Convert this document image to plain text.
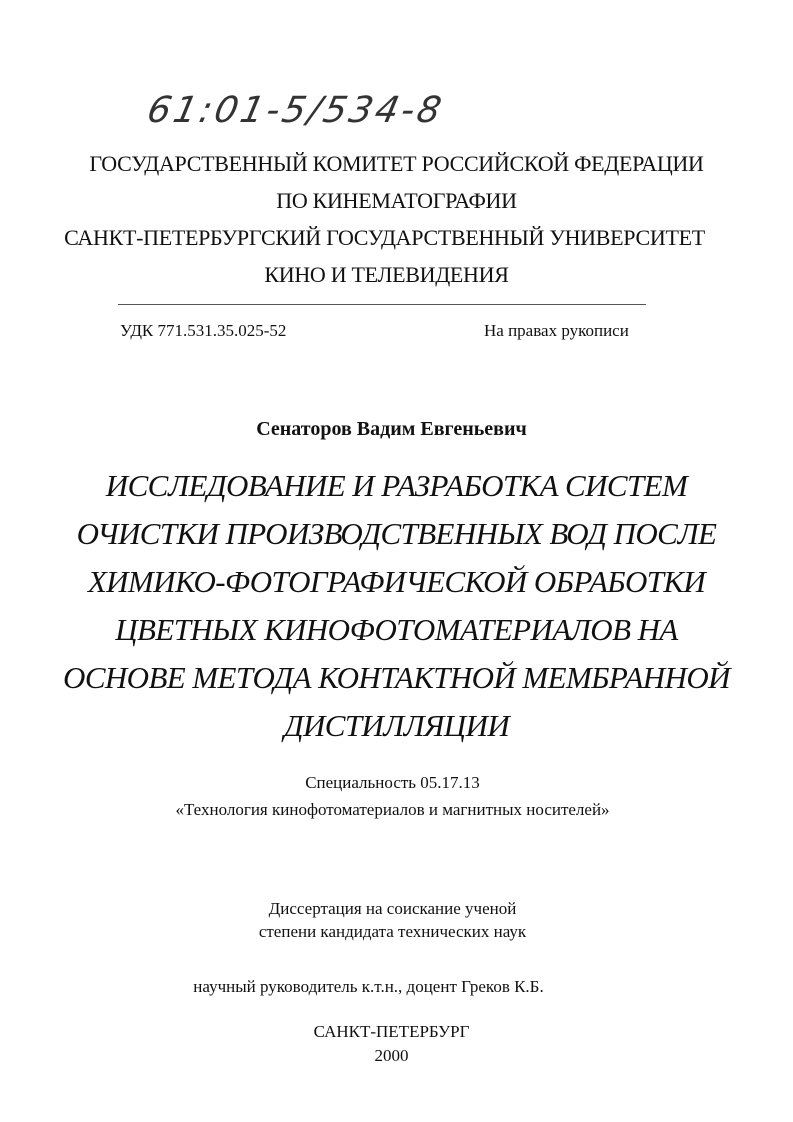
61:01-5/534-8
ГОСУДАРСТВЕННЫЙ КОМИТЕТ РОССИЙСКОЙ ФЕДЕРАЦИИ
ПО КИНЕМАТОГРАФИИ
САНКТ-ПЕТЕРБУРГСКИЙ ГОСУДАРСТВЕННЫЙ УНИВЕРСИТЕТ
КИНО И ТЕЛЕВИДЕНИЯ
УДК 771.531.35.025-52	На правах рукописи
Сенаторов Вадим Евгеньевич
ИССЛЕДОВАНИЕ И РАЗРАБОТКА СИСТЕМ
ОЧИСТКИ ПРОИЗВОДСТВЕННЫХ ВОД ПОСЛЕ
ХИМИКО-ФОТОГРАФИЧЕСКОЙ ОБРАБОТКИ
ЦВЕТНЫХ КИНОФОТОМАТЕРИАЛОВ НА
ОСНОВЕ МЕТОДА КОНТАКТНОЙ МЕМБРАННОЙ
ДИСТИЛЛЯЦИИ
Специальность 05.17.13
«Технология кинофотоматериалов и магнитных носителей»
Диссертация на соискание ученой
степени кандидата технических наук
научный руководитель к.т.н., доцент Греков К.Б.
САНКТ-ПЕТЕРБУРГ
2000
